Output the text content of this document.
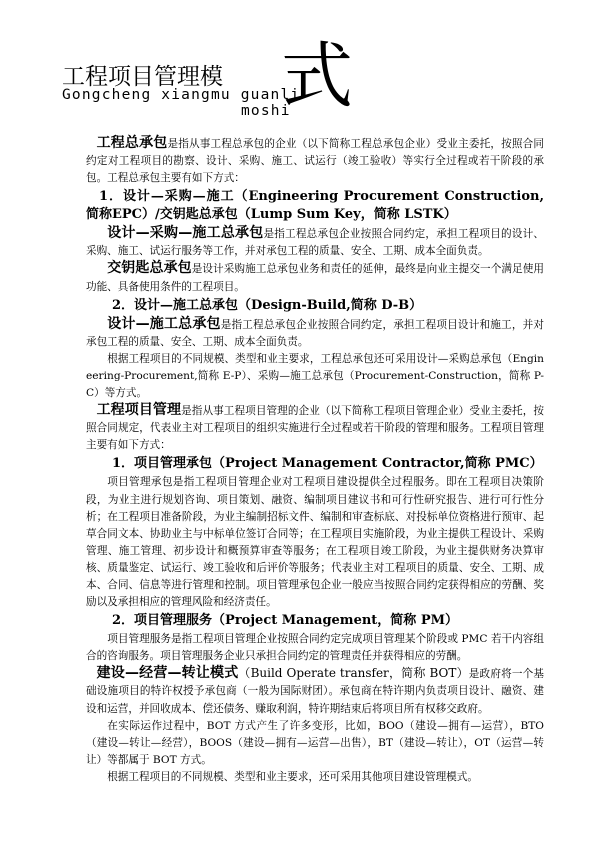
工程项目管理模 式
Gongcheng xiangmu guanli
moshi

工程总承包是指从事工程总承包的企业（以下简称工程总承包企业）受业主委托，按照合同约定对工程项目的勘察、设计、采购、施工、试运行（竣工验收）等实行全过程或若干阶段的承包。工程总承包主要有如下方式：

1．设计—采购—施工（Engineering Procurement Construction,简称EPC）/交钥匙总承包（Lump Sum Key，简称 LSTK）

设计—采购—施工总承包是指工程总承包企业按照合同约定，承担工程项目的设计、采购、施工、试运行服务等工作，并对承包工程的质量、安全、工期、成本全面负责。

交钥匙总承包是设计采购施工总承包业务和责任的延伸，最终是向业主提交一个满足使用功能、具备使用条件的工程项目。

2．设计—施工总承包（Design-Build,简称 D-B）

设计—施工总承包是指工程总承包企业按照合同约定，承担工程项目设计和施工，并对承包工程的质量、安全、工期、成本全面负责。

根据工程项目的不同规模、类型和业主要求，工程总承包还可采用设计—采购总承包（Engineering-Procurement,简称 E-P）、采购—施工总承包（Procurement-Construction，简称 P-C）等方式。

工程项目管理是指从事工程项目管理的企业（以下简称工程项目管理企业）受业主委托，按照合同规定，代表业主对工程项目的组织实施进行全过程或若干阶段的管理和服务。工程项目管理主要有如下方式：

1．项目管理承包（Project Management Contractor,简称 PMC）

项目管理承包是指工程项目管理企业对工程项目建设提供全过程服务。即在工程项目决策阶段，为业主进行规划咨询、项目策划、融资、编制项目建议书和可行性研究报告、进行可行性分析；在工程项目准备阶段，为业主编制招标文件、编制和审查标底、对投标单位资格进行预审、起草合同文本、协助业主与中标单位签订合同等；在工程项目实施阶段，为业主提供工程设计、采购管理、施工管理、初步设计和概预算审查等服务；在工程项目竣工阶段，为业主提供财务决算审核、质量鉴定、试运行、竣工验收和后评价等服务；代表业主对工程项目的质量、安全、工期、成本、合同、信息等进行管理和控制。项目管理承包企业一般应当按照合同约定获得相应的劳酬、奖励以及承担相应的管理风险和经济责任。

2．项目管理服务（Project Management，简称 PM）

项目管理服务是指工程项目管理企业按照合同约定完成项目管理某个阶段或 PMC 若干内容组合的咨询服务。项目管理服务企业只承担合同约定的管理责任并获得相应的劳酬。

建设—经营—转让模式（Build Operate transfer，简称 BOT）是政府将一个基础设施项目的特许权授予承包商（一般为国际财团）。承包商在特许期内负责项目设计、融资、建设和运营，并回收成本、偿还债务、赚取利润，特许期结束后将项目所有权移交政府。

在实际运作过程中，BOT 方式产生了许多变形，比如，BOO（建设—拥有—运营），BTO（建设—转让—经营），BOOS（建设—拥有—运营—出售），BT（建设—转让），OT（运营—转让）等都属于 BOT 方式。

根据工程项目的不同规模、类型和业主要求，还可采用其他项目建设管理模式。
